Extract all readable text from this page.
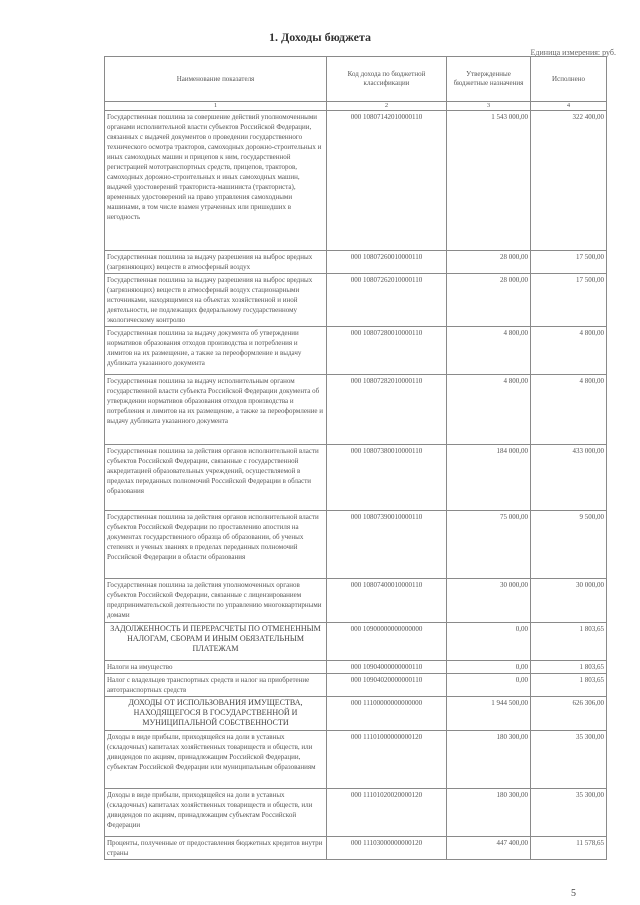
1. Доходы бюджета
Единица измерения: руб.
Наименование показателя	Код дохода по бюджетной классификации	Утвержденные бюджетные назначения	Исполнено
1	2	3	4
Государственная пошлина за совершение действий уполномоченными органами исполнительной власти субъектов Российской Федерации, связанных с выдачей документов о проведении государственного технического осмотра тракторов, самоходных дорожно-строительных и иных самоходных машин и прицепов к ним, государственной регистрацией мототранспортных средств, прицепов, тракторов, самоходных дорожно-строительных и иных самоходных машин, выдачей удостоверений тракториста-машиниста (тракториста), временных удостоверений на право управления самоходными машинами, в том числе взамен утраченных или пришедших в негодность	000 10807142010000110	1 543 000,00	322 400,00
Государственная пошлина за выдачу разрешения на выброс вредных (загрязняющих) веществ в атмосферный воздух	000 10807260010000110	28 000,00	17 500,00
Государственная пошлина за выдачу разрешения на выброс вредных (загрязняющих) веществ в атмосферный воздух стационарными источниками, находящимися на объектах хозяйственной и иной деятельности, не подлежащих федеральному государственному экологическому контролю	000 10807262010000110	28 000,00	17 500,00
Государственная пошлина за выдачу документа об утверждении нормативов образования отходов производства и потребления и лимитов на их размещение, а также за переоформление и выдачу дубликата указанного документа	000 10807280010000110	4 800,00	4 800,00
Государственная пошлина за выдачу исполнительным органом государственной власти субъекта Российской Федерации документа об утверждении нормативов образования отходов производства и потребления и лимитов на их размещение, а также за переоформление и выдачу дубликата указанного документа	000 10807282010000110	4 800,00	4 800,00
Государственная пошлина за действия органов исполнительной власти субъектов Российской Федерации, связанные с государственной аккредитацией образовательных учреждений, осуществляемой в пределах переданных полномочий Российской Федерации в области образования	000 10807380010000110	184 000,00	433 000,00
Государственная пошлина за действия органов исполнительной власти субъектов Российской Федерации по проставлению апостиля на документах государственного образца об образовании, об ученых степенях и ученых званиях в пределах переданных полномочий Российской Федерации в области образования	000 10807390010000110	75 000,00	9 500,00
Государственная пошлина за действия уполномоченных органов субъектов Российской Федерации, связанные с лицензированием предпринимательской деятельности по управлению многоквартирными домами	000 10807400010000110	30 000,00	30 000,00
ЗАДОЛЖЕННОСТЬ И ПЕРЕРАСЧЕТЫ ПО ОТМЕНЕННЫМ НАЛОГАМ, СБОРАМ И ИНЫМ ОБЯЗАТЕЛЬНЫМ ПЛАТЕЖАМ	000 10900000000000000	0,00	1 803,65
Налоги на имущество	000 10904000000000110	0,00	1 803,65
Налог с владельцев транспортных средств и налог на приобретение автотранспортных средств	000 10904020000000110	0,00	1 803,65
ДОХОДЫ ОТ ИСПОЛЬЗОВАНИЯ ИМУЩЕСТВА, НАХОДЯЩЕГОСЯ В ГОСУДАРСТВЕННОЙ И МУНИЦИПАЛЬНОЙ СОБСТВЕННОСТИ	000 11100000000000000	1 944 500,00	626 306,00
Доходы в виде прибыли, приходящейся на доли в уставных (складочных) капиталах хозяйственных товариществ и обществ, или дивидендов по акциям, принадлежащим Российской Федерации, субъектам Российской Федерации или муниципальным образованиям	000 11101000000000120	180 300,00	35 300,00
Доходы в виде прибыли, приходящейся на доли в уставных (складочных) капиталах хозяйственных товариществ и обществ, или дивидендов по акциям, принадлежащим субъектам Российской Федерации	000 11101020020000120	180 300,00	35 300,00
Проценты, полученные от предоставления бюджетных кредитов внутри страны	000 11103000000000120	447 400,00	11 578,65
5
